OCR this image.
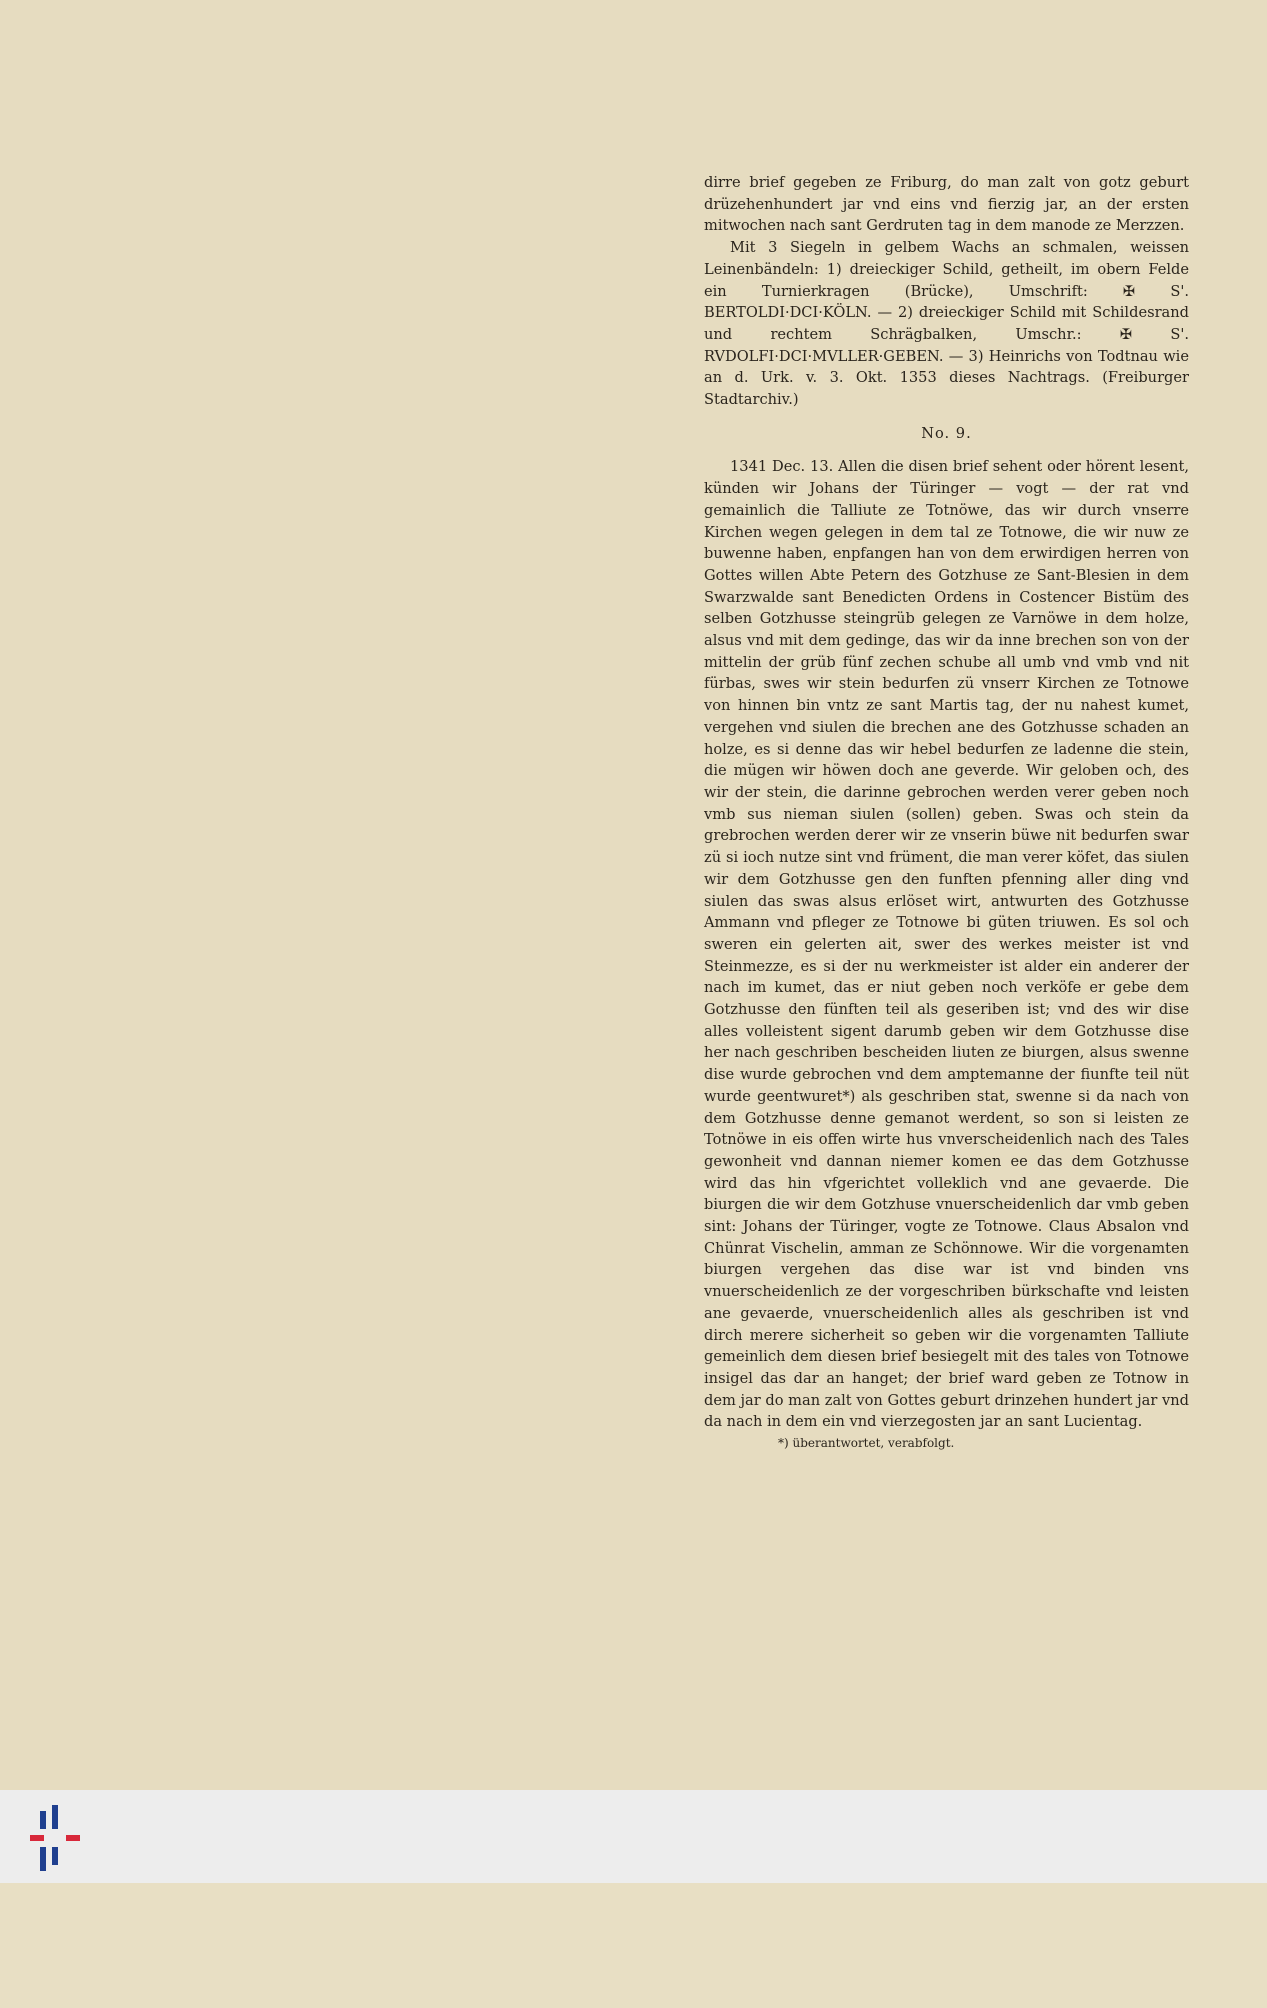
dirre brief gegeben ze Friburg, do man zalt von gotz geburt drüzehenhundert jar vnd eins vnd fierzig jar, an der ersten mitwochen nach sant Gerdruten tag in dem manode ze Merzzen.

Mit 3 Siegeln in gelbem Wachs an schmalen, weissen Leinenbändeln: 1) dreieckiger Schild, getheilt, im obern Felde ein Turnierkragen (Brücke), Umschrift: ✠ S'. BERTOLDI·DCI·KÖLN. — 2) dreieckiger Schild mit Schildesrand und rechtem Schrägbalken, Umschr.: ✠ S'. RVDOLFI·DCI·MVLLER·GEBEN. — 3) Heinrichs von Todtnau wie an d. Urk. v. 3. Okt. 1353 dieses Nachtrags. (Freiburger Stadtarchiv.)

No. 9.

1341 Dec. 13. Allen die disen brief sehent oder hörent lesent, künden wir Johans der Türinger — vogt — der rat vnd gemainlich die Talliute ze Totnöwe, das wir durch vnserre Kirchen wegen gelegen in dem tal ze Totnowe, die wir nuw ze buwenne haben, enpfangen han von dem erwirdigen herren von Gottes willen Abte Petern des Gotzhuse ze Sant-Blesien in dem Swarzwalde sant Benedicten Ordens in Costencer Bistüm des selben Gotzhusse steingrüb gelegen ze Varnöwe in dem holze, alsus vnd mit dem gedinge, das wir da inne brechen son von der mittelin der grüb fünf zechen schube all umb vnd vmb vnd nit fürbas, swes wir stein bedurfen zü vnserr Kirchen ze Totnowe von hinnen bin vntz ze sant Martis tag, der nu nahest kumet, vergehen vnd siulen die brechen ane des Gotzhusse schaden an holze, es si denne das wir hebel bedurfen ze ladenne die stein, die mügen wir höwen doch ane geverde. Wir geloben och, des wir der stein, die darinne gebrochen werden verer geben noch vmb sus nieman siulen (sollen) geben. Swas och stein da grebrochen werden derer wir ze vnserin büwe nit bedurfen swar zü si ioch nutze sint vnd früment, die man verer köfet, das siulen wir dem Gotzhusse gen den funften pfenning aller ding vnd siulen das swas alsus erlöset wirt, antwurten des Gotzhusse Ammann vnd pfleger ze Totnowe bi güten triuwen. Es sol och sweren ein gelerten ait, swer des werkes meister ist vnd Steinmezze, es si der nu werkmeister ist alder ein anderer der nach im kumet, das er niut geben noch verköfe er gebe dem Gotzhusse den fünften teil als geseriben ist; vnd des wir dise alles volleistent sigent darumb geben wir dem Gotzhusse dise her nach geschriben bescheiden liuten ze biurgen, alsus swenne dise wurde gebrochen vnd dem amptemanne der fiunfte teil nüt wurde geentwuret*) als geschriben stat, swenne si da nach von dem Gotzhusse denne gemanot werdent, so son si leisten ze Totnöwe in eis offen wirte hus vnverscheidenlich nach des Tales gewonheit vnd dannan niemer komen ee das dem Gotzhusse wird das hin vfgerichtet volleklich vnd ane gevaerde. Die biurgen die wir dem Gotzhuse vnuerscheidenlich dar vmb geben sint: Johans der Türinger, vogte ze Totnowe. Claus Absalon vnd Chünrat Vischelin, amman ze Schönnowe. Wir die vorgenamten biurgen vergehen das dise war ist vnd binden vns vnuerscheidenlich ze der vorgeschriben bürkschafte vnd leisten ane gevaerde, vnuerscheidenlich alles als geschriben ist vnd dirch merere sicherheit so geben wir die vorgenamten Talliute gemeinlich dem diesen brief besiegelt mit des tales von Totnowe insigel das dar an hanget; der brief ward geben ze Totnow in dem jar do man zalt von Gottes geburt drinzehen hundert jar vnd da nach in dem ein vnd vierzegosten jar an sant Lucientag.

*) überantwortet, verabfolgt.
